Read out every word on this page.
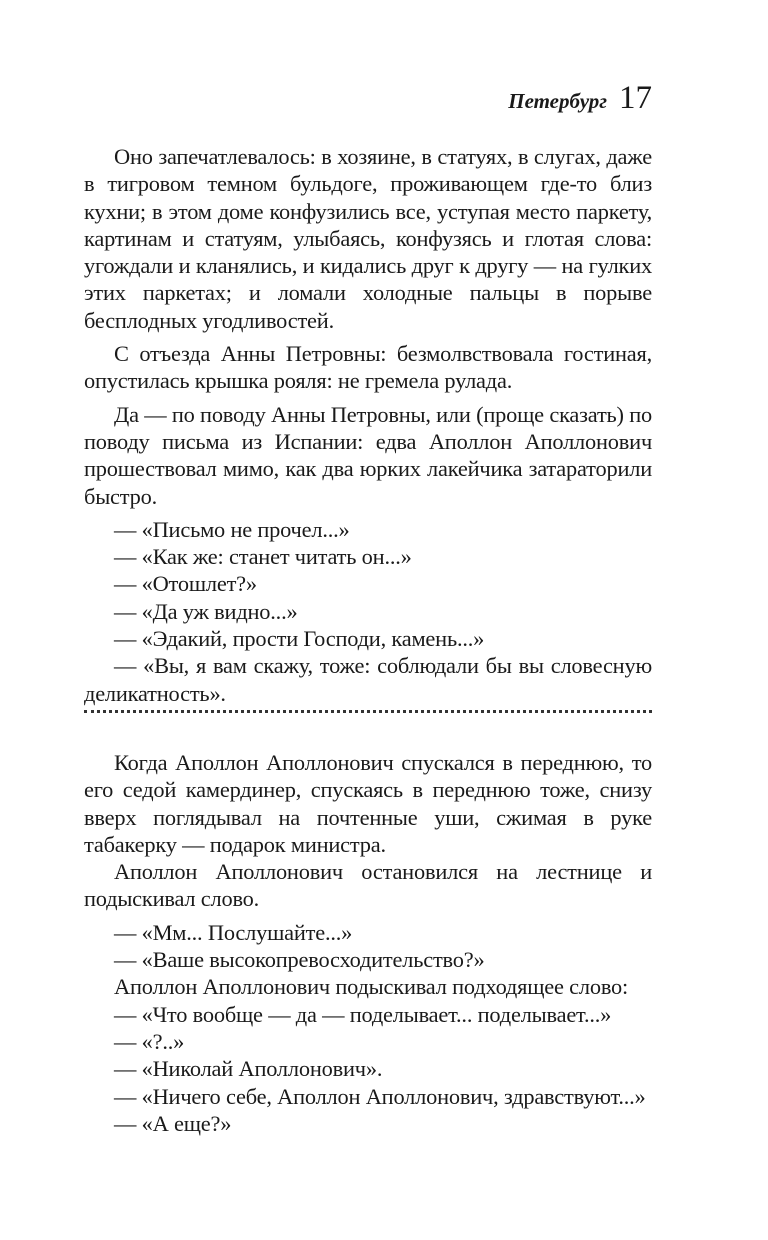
Петербург 17

Оно запечатлевалось: в хозяине, в статуях, в слугах, даже в тигровом темном бульдоге, проживающем где-то близ кухни; в этом доме конфузились все, уступая место паркету, картинам и статуям, улыбаясь, конфузясь и глотая слова: угождали и кланялись, и кидались друг к другу — на гулких этих паркетах; и ломали холодные пальцы в порыве бесплодных угодливостей.

С отъезда Анны Петровны: безмолвствовала гостиная, опустилась крышка рояля: не гремела рулада.

Да — по поводу Анны Петровны, или (проще сказать) по поводу письма из Испании: едва Аполлон Аполлонович прошествовал мимо, как два юрких лакейчика затараторили быстро.

— «Письмо не прочел...»

— «Как же: станет читать он...»

— «Отошлет?»

— «Да уж видно...»

— «Эдакий, прости Господи, камень...»

— «Вы, я вам скажу, тоже: соблюдали бы вы словесную деликатность».

Когда Аполлон Аполлонович спускался в переднюю, то его седой камердинер, спускаясь в переднюю тоже, снизу вверх поглядывал на почтенные уши, сжимая в руке табакерку — подарок министра.

Аполлон Аполлонович остановился на лестнице и подыскивал слово.

— «Мм... Послушайте...»

— «Ваше высокопревосходительство?»

Аполлон Аполлонович подыскивал подходящее слово:

— «Что вообще — да — поделывает... поделывает...»

— «?..»

— «Николай Аполлонович».

— «Ничего себе, Аполлон Аполлонович, здравствуют...»

— «А еще?»
